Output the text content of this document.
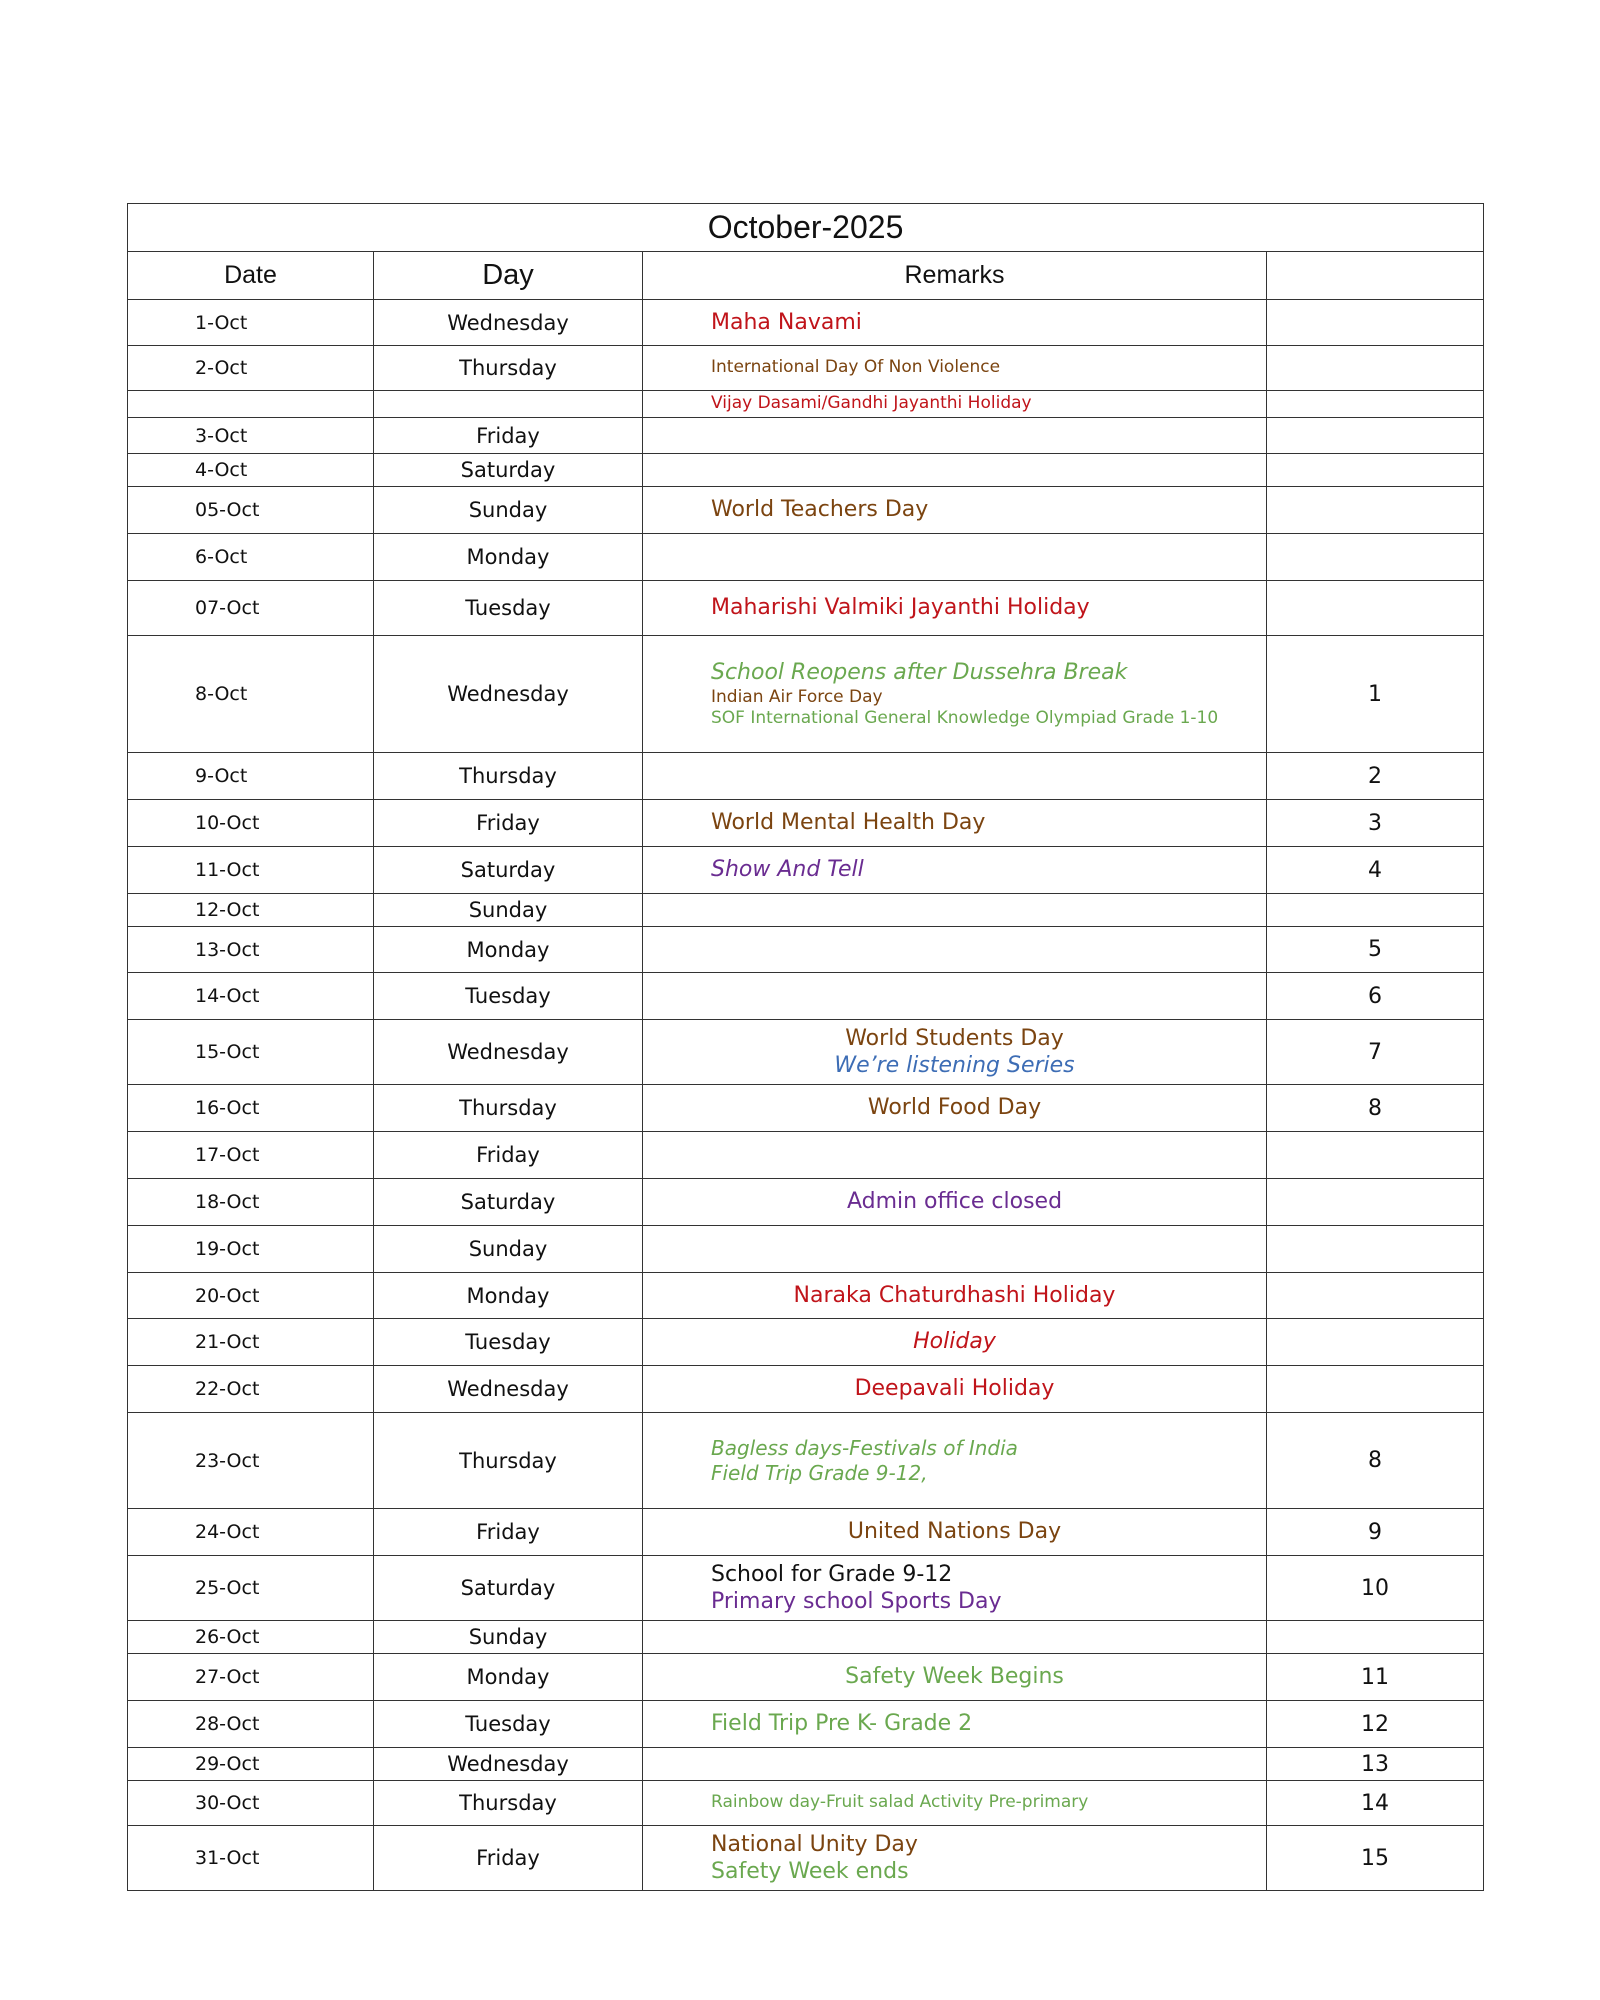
October-2025			
Date	Day	Remarks	
1-Oct	Wednesday	Maha Navami	

2-Oct	Thursday	International Day Of Non Violence	

		Vijay Dasami/Gandhi Jayanthi Holiday	

3-Oct	Friday		
4-Oct	Saturday		
05-Oct	Sunday	World Teachers Day	

6-Oct	Monday		
07-Oct	Tuesday	Maharishi Valmiki Jayanthi Holiday	

8-Oct	Wednesday	School Reopens after Dussehra Break
Indian Air Force Day
SOF International General Knowledge Olympiad Grade 1-10	1
9-Oct	Thursday		2
10-Oct	Friday	World Mental Health Day	3
11-Oct	Saturday	Show And Tell	4
12-Oct	Sunday		
13-Oct	Monday		5
14-Oct	Tuesday		6
15-Oct	Wednesday	World Students Day
We’re listening Series	7
16-Oct	Thursday	World Food Day	8
17-Oct	Friday		
18-Oct	Saturday	Admin office closed	

19-Oct	Sunday		
20-Oct	Monday	Naraka Chaturdhashi Holiday	

21-Oct	Tuesday	Holiday	

22-Oct	Wednesday	Deepavali Holiday	

23-Oct	Thursday	Bagless days-Festivals of India
Field Trip Grade 9-12,	8
24-Oct	Friday	United Nations Day	9
25-Oct	Saturday	School for Grade 9-12
Primary school Sports Day	10
26-Oct	Sunday		
27-Oct	Monday	Safety Week Begins	11
28-Oct	Tuesday	Field Trip Pre K- Grade 2	12
29-Oct	Wednesday		13
30-Oct	Thursday	Rainbow day-Fruit salad Activity Pre-primary	14
31-Oct	Friday	National Unity Day
Safety Week ends	15
